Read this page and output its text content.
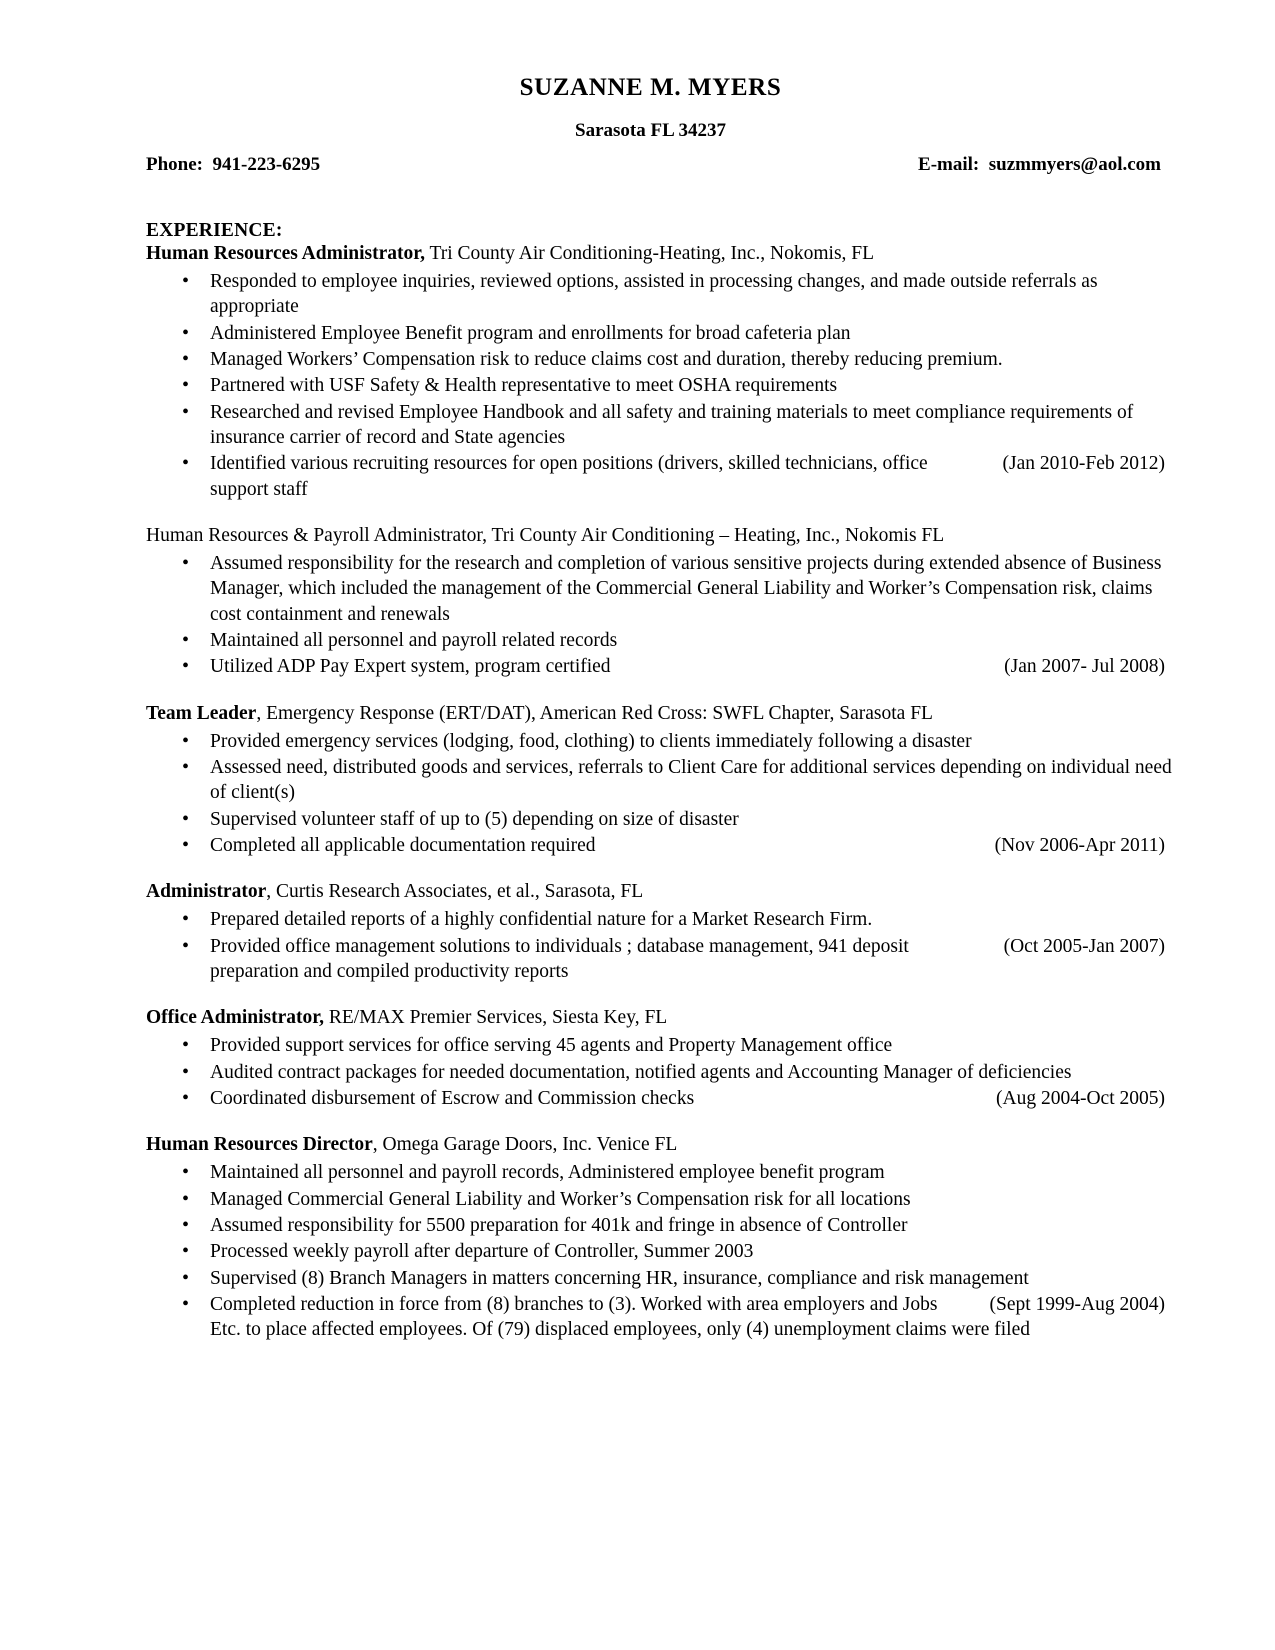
SUZANNE M. MYERS
Sarasota FL 34237
Phone:  941-223-6295	E-mail:  suzmmyers@aol.com
EXPERIENCE:
Human Resources Administrator, Tri County Air Conditioning-Heating, Inc., Nokomis, FL
• Responded to employee inquiries, reviewed options, assisted in processing changes, and made outside referrals as appropriate
• Administered Employee Benefit program and enrollments for broad cafeteria plan
• Managed Workers’ Compensation risk to reduce claims cost and duration, thereby reducing premium.
• Partnered with USF Safety & Health representative to meet OSHA requirements
• Researched and revised Employee Handbook and all safety and training materials to meet compliance requirements of insurance carrier of record and State agencies
• (Jan 2010-Feb 2012)
Identified various recruiting resources for open positions (drivers, skilled technicians, office support staff
Human Resources & Payroll Administrator, Tri County Air Conditioning – Heating, Inc., Nokomis FL
• Assumed responsibility for the research and completion of various sensitive projects during extended absence of Business Manager, which included the management of the Commercial General Liability and Worker’s Compensation risk, claims cost containment and renewals
• Maintained all personnel and payroll related records
• (Jan 2007- Jul 2008)
Utilized ADP Pay Expert system, program certified
Team Leader, Emergency Response (ERT/DAT), American Red Cross: SWFL Chapter, Sarasota FL
• Provided emergency services (lodging, food, clothing) to clients immediately following a disaster
• Assessed need, distributed goods and services, referrals to Client Care for additional services depending on individual need of client(s)
• Supervised volunteer staff of up to (5) depending on size of disaster
• (Nov 2006-Apr 2011)
Completed all applicable documentation required
Administrator, Curtis Research Associates, et al., Sarasota, FL
• Prepared detailed reports of a highly confidential nature for a Market Research Firm.
• (Oct 2005-Jan 2007)
Provided office management solutions to individuals ; database management, 941 deposit preparation and compiled productivity reports
Office Administrator, RE/MAX Premier Services, Siesta Key, FL
• Provided support services for office serving 45 agents and Property Management office
• Audited contract packages for needed documentation, notified agents and Accounting Manager of deficiencies
• (Aug 2004-Oct 2005)
Coordinated disbursement of Escrow and Commission checks
Human Resources Director, Omega Garage Doors, Inc. Venice FL
• Maintained all personnel and payroll records, Administered employee benefit program
• Managed Commercial General Liability and Worker’s Compensation risk for all locations
• Assumed responsibility for 5500 preparation for 401k and fringe in absence of Controller
• Processed weekly payroll after departure of Controller, Summer 2003
• Supervised (8) Branch Managers in matters concerning HR, insurance, compliance and risk management
• (Sept 1999-Aug 2004)
Completed reduction in force from (8) branches to (3). Worked with area employers and Jobs Etc. to place affected employees. Of (79) displaced employees, only (4) unemployment claims were filed
